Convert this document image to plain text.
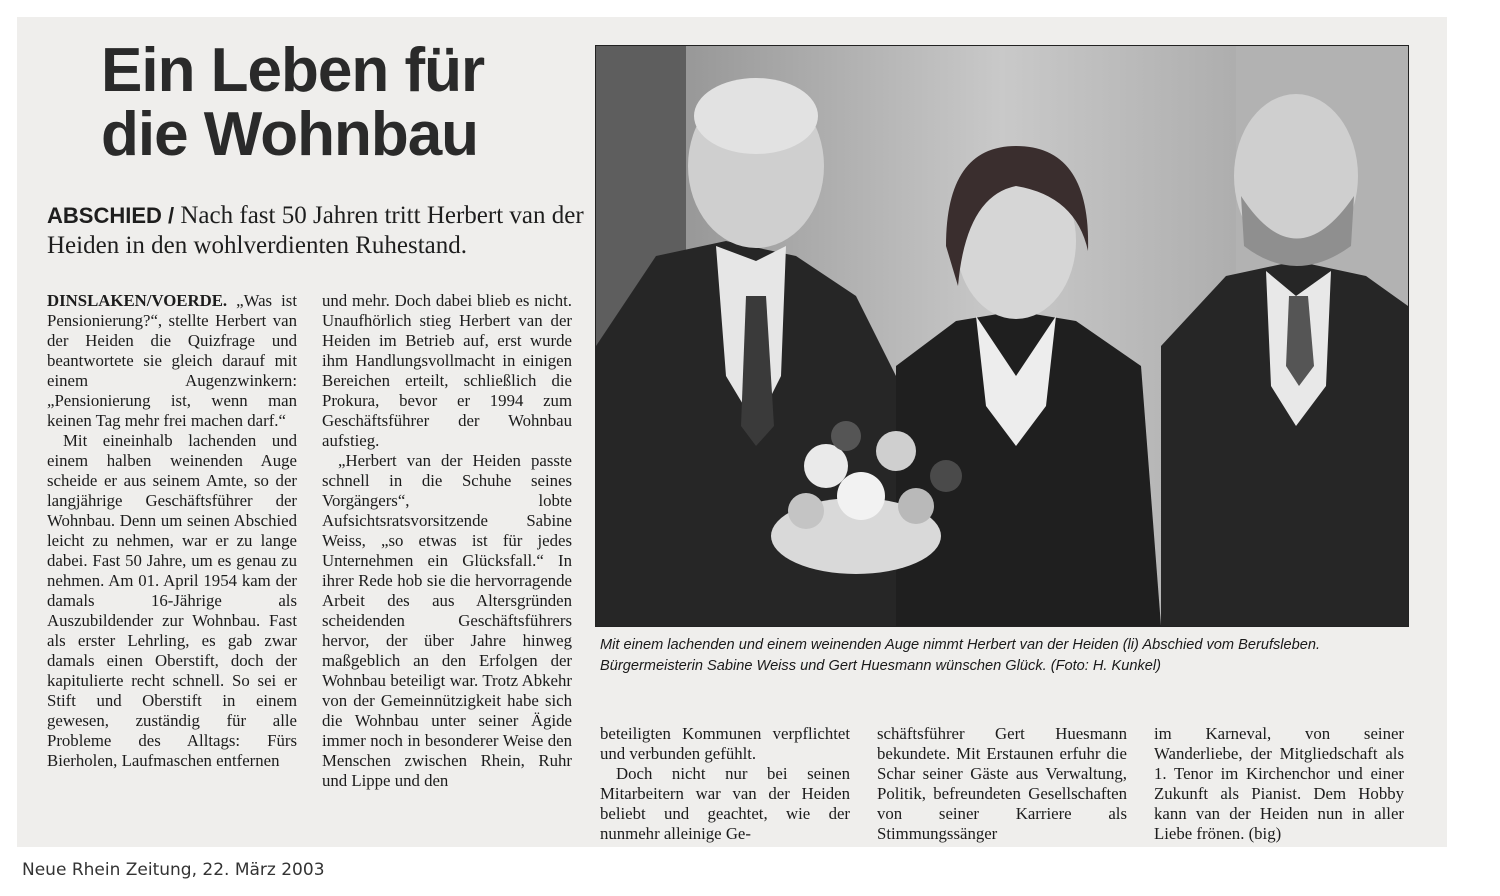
Ein Leben für
die Wohnbau

ABSCHIED / Nach fast 50 Jahren tritt Herbert van der Heiden in den wohlverdienten Ruhestand.

DINSLAKEN/VOERDE. „Was ist Pensionierung?“, stellte Herbert van der Heiden die Quizfrage und beantwortete sie gleich darauf mit einem Augenzwinkern: „Pensionierung ist, wenn man keinen Tag mehr frei machen darf.“

Mit eineinhalb lachenden und einem halben weinenden Auge scheide er aus seinem Amte, so der langjährige Geschäftsführer der Wohnbau. Denn um seinen Abschied leicht zu nehmen, war er zu lange dabei. Fast 50 Jahre, um es genau zu nehmen. Am 01. April 1954 kam der damals 16-Jährige als Auszubildender zur Wohnbau. Fast als erster Lehrling, es gab zwar damals einen Oberstift, doch der kapitulierte recht schnell. So sei er Stift und Oberstift in einem gewesen, zuständig für alle Probleme des Alltags: Fürs Bierholen, Laufmaschen entfernen

und mehr. Doch dabei blieb es nicht. Unaufhörlich stieg Herbert van der Heiden im Betrieb auf, erst wurde ihm Handlungsvollmacht in einigen Bereichen erteilt, schließlich die Prokura, bevor er 1994 zum Geschäftsführer der Wohnbau aufstieg.

„Herbert van der Heiden passte schnell in die Schuhe seines Vorgängers“, lobte Aufsichtsratsvorsitzende Sabine Weiss, „so etwas ist für jedes Unternehmen ein Glücksfall.“ In ihrer Rede hob sie die hervorragende Arbeit des aus Altersgründen scheidenden Geschäftsführers hervor, der über Jahre hinweg maßgeblich an den Erfolgen der Wohnbau beteiligt war. Trotz Abkehr von der Gemeinnützigkeit habe sich die Wohnbau unter seiner Ägide immer noch in besonderer Weise den Menschen zwischen Rhein, Ruhr und Lippe und den

Mit einem lachenden und einem weinenden Auge nimmt Herbert van der Heiden (li) Abschied vom Berufsleben. Bürgermeisterin Sabine Weiss und Gert Huesmann wünschen Glück. (Foto: H. Kunkel)

beteiligten Kommunen verpflichtet und verbunden gefühlt.

Doch nicht nur bei seinen Mitarbeitern war van der Heiden beliebt und geachtet, wie der nunmehr alleinige Ge-

schäftsführer Gert Huesmann bekundete. Mit Erstaunen erfuhr die Schar seiner Gäste aus Verwaltung, Politik, befreundeten Gesellschaften von seiner Karriere als Stimmungssänger

im Karneval, von seiner Wanderliebe, der Mitgliedschaft als 1. Tenor im Kirchenchor und einer Zukunft als Pianist. Dem Hobby kann van der Heiden nun in aller Liebe frönen. (big)

Neue Rhein Zeitung, 22. März 2003
